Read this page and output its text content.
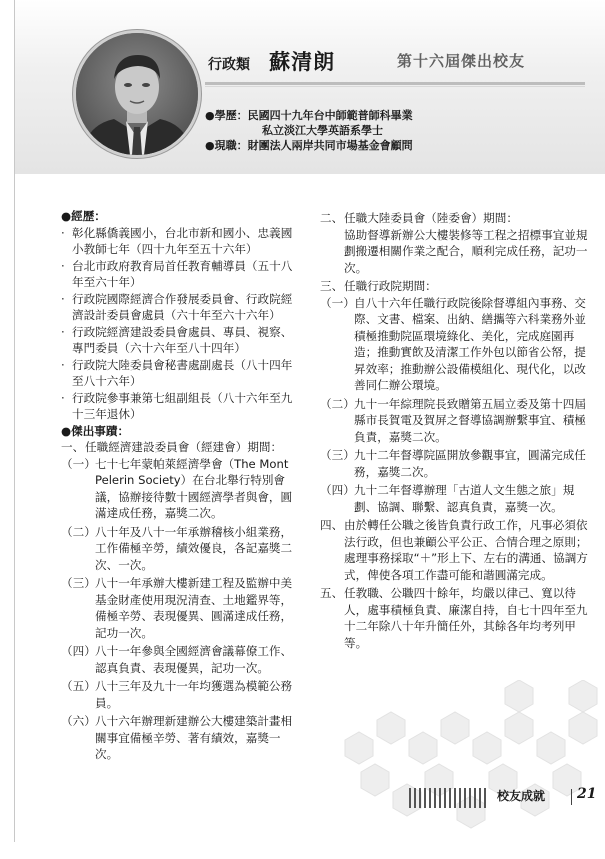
行政類 蘇清朗	第十六屆傑出校友
●學歷：民國四十九年台中師範普師科畢業
私立淡江大學英語系學士
●現職：財團法人兩岸共同市場基金會顧問
●經歷：
· 彰化縣僑義國小，台北市新和國小、忠義國小教師七年（四十九年至五十六年）
· 台北市政府教育局首任教育輔導員（五十八年至六十年）
· 行政院國際經濟合作發展委員會、行政院經濟設計委員會處員（六十年至六十六年）
· 行政院經濟建設委員會處員、專員、視察、專門委員（六十六年至八十四年）
· 行政院大陸委員會秘書處副處長（八十四年至八十六年）
· 行政院參事兼第七組副組長（八十六年至九十三年退休）
●傑出事蹟：
一、 任職經濟建設委員會（經建會）期間：
（一） 七十七年蒙帕萊經濟學會（The Mont Pelerin Society）在台北舉行特別會議，協辦接待數十國經濟學者與會，圓滿達成任務，嘉獎二次。
（二） 八十年及八十一年承辦稽核小組業務，工作備極辛勞，績效優良，各記嘉獎二次、一次。
（三） 八十一年承辦大樓新建工程及監辦中美基金財產使用現況清查、土地鑑界等，備極辛勞、表現優異、圓滿達成任務，記功一次。
（四） 八十一年參與全國經濟會議幕僚工作、認真負責、表現優異，記功一次。
（五） 八十三年及九十一年均獲選為模範公務員。
（六） 八十六年辦理新建辦公大樓建築計畫相關事宜備極辛勞、著有績效，嘉獎一次。
二、 任職大陸委員會（陸委會）期間：
協助督導新辦公大樓裝修等工程之招標事宜並規劃搬遷相關作業之配合，順利完成任務，記功一次。
三、 任職行政院期間：
（一） 自八十六年任職行政院後除督導組內事務、交際、文書、檔案、出納、繕攜等六科業務外並積極推動院區環境綠化、美化，完成庭園再造；推動實飲及清潔工作外包以節省公帑，提昇效率；推動辦公設備模組化、現代化，以改善同仁辦公環境。
（二） 九十一年綜理院長致贈第五屆立委及第十四屆縣市長賀電及賀屏之督導協調辦繫事宜、積極負責，嘉獎二次。
（三） 九十二年督導院區開放參觀事宜，圓滿完成任務，嘉獎二次。
（四） 九十二年督導辦理「古道人文生態之旅」規劃、協調、聯繫、認真負責，嘉獎一次。
四、 由於轉任公職之後皆負責行政工作，凡事必須依法行政，但也兼顧公平公正、合情合理之原則；處理事務採取“＋”形上下、左右的溝通、協調方式，俾使各項工作盡可能和諧圓滿完成。
五、 任教職、公職四十餘年，均嚴以律己、寬以待人，處事積極負責、廉潔自持，自七十四年至九十二年除八十年升簡任外，其餘各年均考列甲等。
校友成就 21
